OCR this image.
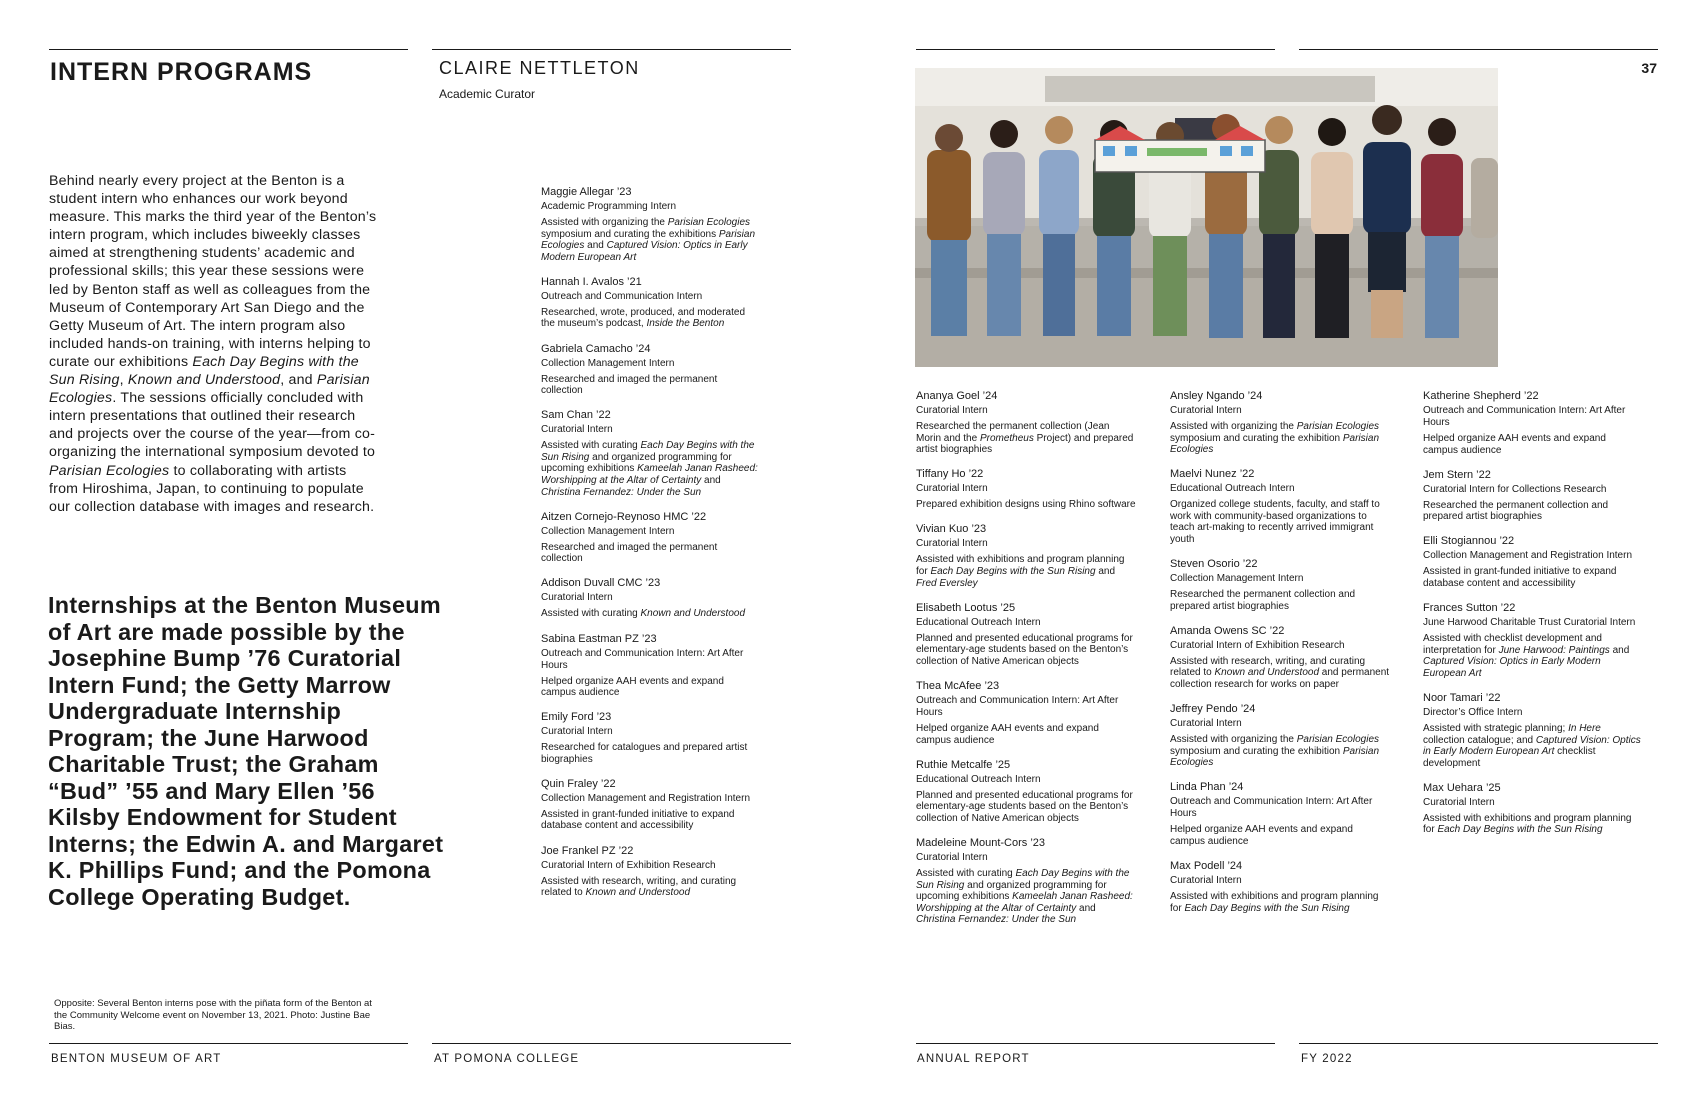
INTERN PROGRAMS	CLAIRE NETTLETON
Academic Curator
37
Behind nearly every project at the Benton is a student intern who enhances our work beyond measure. This marks the third year of the Benton’s intern program, which includes biweekly classes aimed at strengthening students’ academic and professional skills; this year these sessions were led by Benton staff as well as colleagues from the Museum of Contemporary Art San Diego and the Getty Museum of Art. The intern program also included hands-on training, with interns helping to curate our exhibitions Each Day Begins with the Sun Rising, Known and Understood, and Parisian Ecologies. The sessions officially concluded with intern presentations that outlined their research and projects over the course of the year—from co-organizing the international symposium devoted to Parisian Ecologies to collaborating with artists from Hiroshima, Japan, to continuing to populate our collection database with images and research.
Internships at the Benton Museum of Art are made possible by the Josephine Bump ’76 Curatorial Intern Fund; the Getty Marrow Undergraduate Internship Program; the June Harwood Charitable Trust; the Graham “Bud” ’55 and Mary Ellen ’56 Kilsby Endowment for Student Interns; the Edwin A. and Margaret K. Phillips Fund; and the Pomona College Operating Budget.
Opposite: Several Benton interns pose with the piñata form of the Benton at the Community Welcome event on November 13, 2021. Photo: Justine Bae Bias.
BENTON MUSEUM OF ART	AT POMONA COLLEGE	ANNUAL REPORT	FY 2022
Maggie Allegar ’23
Academic Programming Intern
Assisted with organizing the Parisian Ecologies symposium and curating the exhibitions Parisian Ecologies and Captured Vision: Optics in Early Modern European Art
Hannah I. Avalos ’21
Outreach and Communication Intern
Researched, wrote, produced, and moderated the museum’s podcast, Inside the Benton
Gabriela Camacho ’24
Collection Management Intern
Researched and imaged the permanent collection
Sam Chan ’22
Curatorial Intern
Assisted with curating Each Day Begins with the Sun Rising and organized programming for upcoming exhibitions Kameelah Janan Rasheed: Worshipping at the Altar of Certainty and Christina Fernandez: Under the Sun
Aitzen Cornejo-Reynoso HMC ’22
Collection Management Intern
Researched and imaged the permanent collection
Addison Duvall CMC ’23
Curatorial Intern
Assisted with curating Known and Understood
Sabina Eastman PZ ’23
Outreach and Communication Intern: Art After Hours
Helped organize AAH events and expand campus audience
Emily Ford ’23
Curatorial Intern
Researched for catalogues and prepared artist biographies
Quin Fraley ’22
Collection Management and Registration Intern
Assisted in grant-funded initiative to expand database content and accessibility
Joe Frankel PZ ’22
Curatorial Intern of Exhibition Research
Assisted with research, writing, and curating related to Known and Understood
Ananya Goel ’24
Curatorial Intern
Researched the permanent collection (Jean Morin and the Prometheus Project) and prepared artist biographies
Tiffany Ho ’22
Curatorial Intern
Prepared exhibition designs using Rhino software
Vivian Kuo ’23
Curatorial Intern
Assisted with exhibitions and program planning for Each Day Begins with the Sun Rising and Fred Eversley
Elisabeth Lootus ’25
Educational Outreach Intern
Planned and presented educational programs for elementary-age students based on the Benton’s collection of Native American objects
Thea McAfee ’23
Outreach and Communication Intern: Art After Hours
Helped organize AAH events and expand campus audience
Ruthie Metcalfe ’25
Educational Outreach Intern
Planned and presented educational programs for elementary-age students based on the Benton’s collection of Native American objects
Madeleine Mount-Cors ’23
Curatorial Intern
Assisted with curating Each Day Begins with the Sun Rising and organized programming for upcoming exhibitions Kameelah Janan Rasheed: Worshipping at the Altar of Certainty and Christina Fernandez: Under the Sun
Ansley Ngando ’24
Curatorial Intern
Assisted with organizing the Parisian Ecologies symposium and curating the exhibition Parisian Ecologies
Maelvi Nunez ’22
Educational Outreach Intern
Organized college students, faculty, and staff to work with community-based organizations to teach art-making to recently arrived immigrant youth
Steven Osorio ’22
Collection Management Intern
Researched the permanent collection and prepared artist biographies
Amanda Owens SC ’22
Curatorial Intern of Exhibition Research
Assisted with research, writing, and curating related to Known and Understood and permanent collection research for works on paper
Jeffrey Pendo ’24
Curatorial Intern
Assisted with organizing the Parisian Ecologies symposium and curating the exhibition Parisian Ecologies
Linda Phan ’24
Outreach and Communication Intern: Art After Hours
Helped organize AAH events and expand campus audience
Max Podell ’24
Curatorial Intern
Assisted with exhibitions and program planning for Each Day Begins with the Sun Rising
Katherine Shepherd ’22
Outreach and Communication Intern: Art After Hours
Helped organize AAH events and expand campus audience
Jem Stern ’22
Curatorial Intern for Collections Research
Researched the permanent collection and prepared artist biographies
Elli Stogiannou ’22
Collection Management and Registration Intern
Assisted in grant-funded initiative to expand database content and accessibility
Frances Sutton ’22
June Harwood Charitable Trust Curatorial Intern
Assisted with checklist development and interpretation for June Harwood: Paintings and Captured Vision: Optics in Early Modern European Art
Noor Tamari ’22
Director’s Office Intern
Assisted with strategic planning; In Here collection catalogue; and Captured Vision: Optics in Early Modern European Art checklist development
Max Uehara ’25
Curatorial Intern
Assisted with exhibitions and program planning for Each Day Begins with the Sun Rising
